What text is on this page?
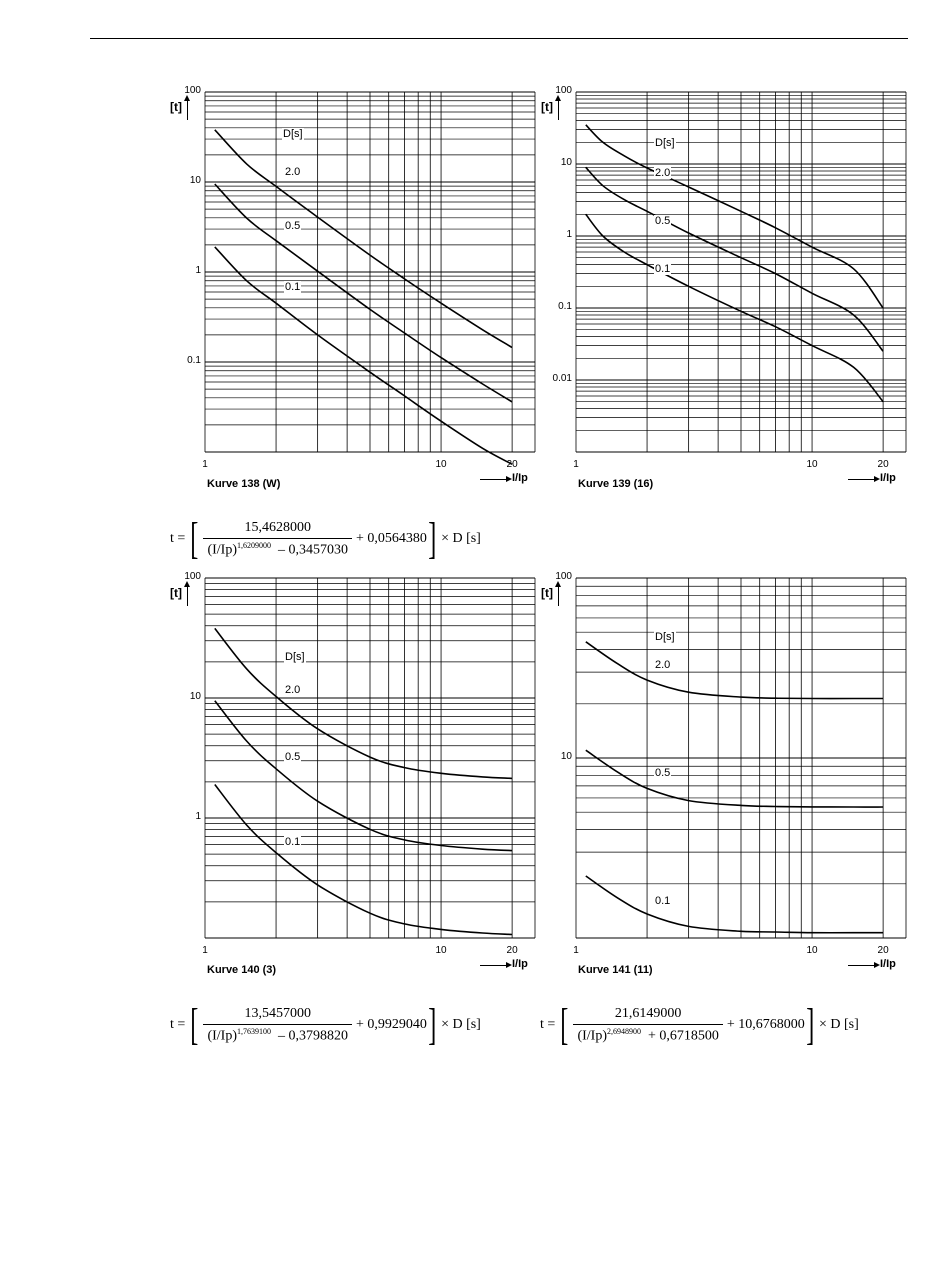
100
10
1
0.1
1	10	20
[t]
Kurve 138 (W)	I/Ip
D[s]
2.0
0.5
0.1
t
=
[ $\frac{15,4628000}{(I/Ip)^{1,6209000} - 0,3457030} + 0,0564380$ ]
× D [s]
100
10
1
0.1
0.01
1	10	20
[t]
Kurve 139 (16)	I/Ip
D[s]
2.0
0.5
0.1
100
10
1
1	10	20
[t]
Kurve 140 (3)	I/Ip
D[s]
2.0
0.5
0.1
t
=
[ $\frac{13,5457000}{(I/Ip)^{1,7639100} - 0,3798820} + 0,9929040$ ]
× D [s]
100
10
1	10	20
[t]
Kurve 141 (11)	I/Ip
D[s]
2.0
0.5
0.1
t
=
[ $\frac{21,6149000}{(I/Ip)^{2,6948900} + 0,6718500} + 10,6768000$ ]
× D [s]
